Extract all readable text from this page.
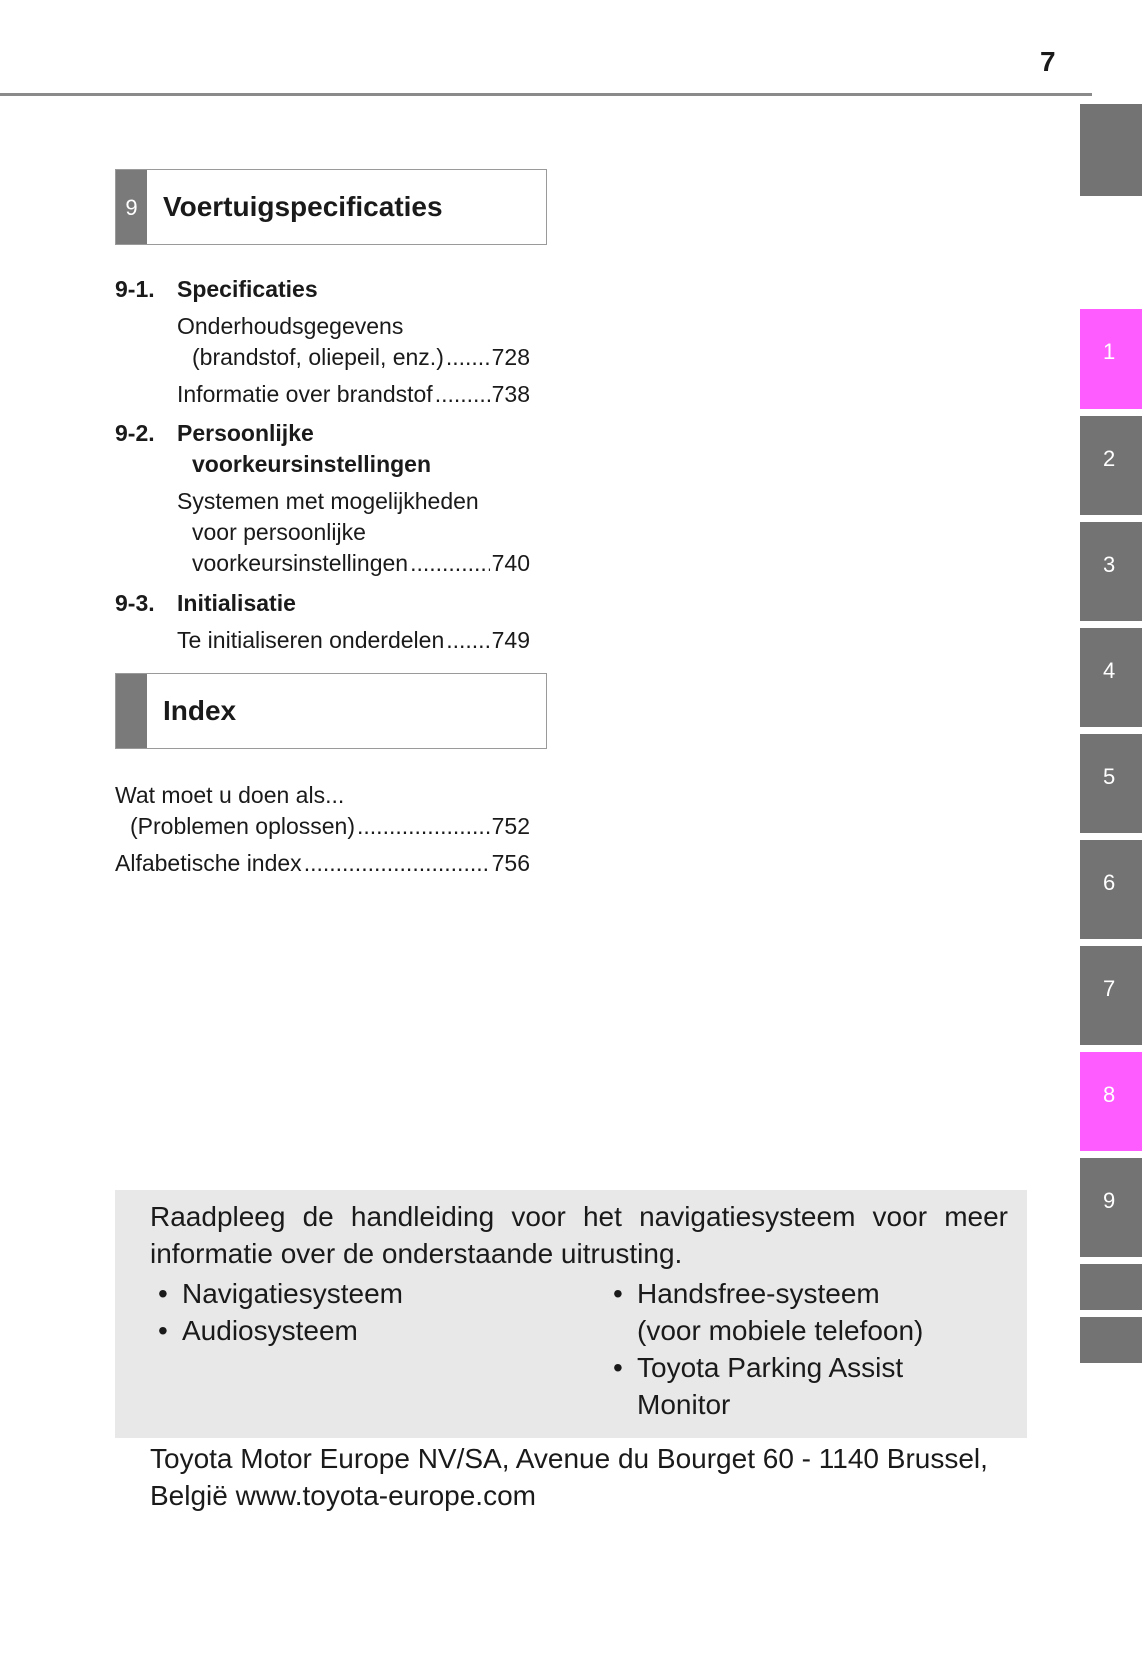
7
9 Voertuigspecificaties
9-1. Specificaties
Onderhoudsgegevens
(brandstof, oliepeil, enz.) ..... 728
Informatie over brandstof .....	738
9-2. Persoonlijke
voorkeursinstellingen
Systemen met mogelijkheden
voor persoonlijke
voorkeursinstellingen .....	740
9-3. Initialisatie
Te initialiseren onderdelen ..... 749
Index
Wat moet u doen als...
(Problemen oplossen) .....	752
Alfabetische index .....	756
1
2
3
4
5
6
7
8
9
Raadpleeg de handleiding voor het navigatiesysteem voor meer informatie over de onderstaande uitrusting.
• Navigatiesysteem
• Audiosysteem
• Handsfree-systeem
(voor mobiele telefoon)
• Toyota Parking Assist
Monitor
Toyota Motor Europe NV/SA, Avenue du Bourget 60 - 1140 Brussel, België www.toyota-europe.com
